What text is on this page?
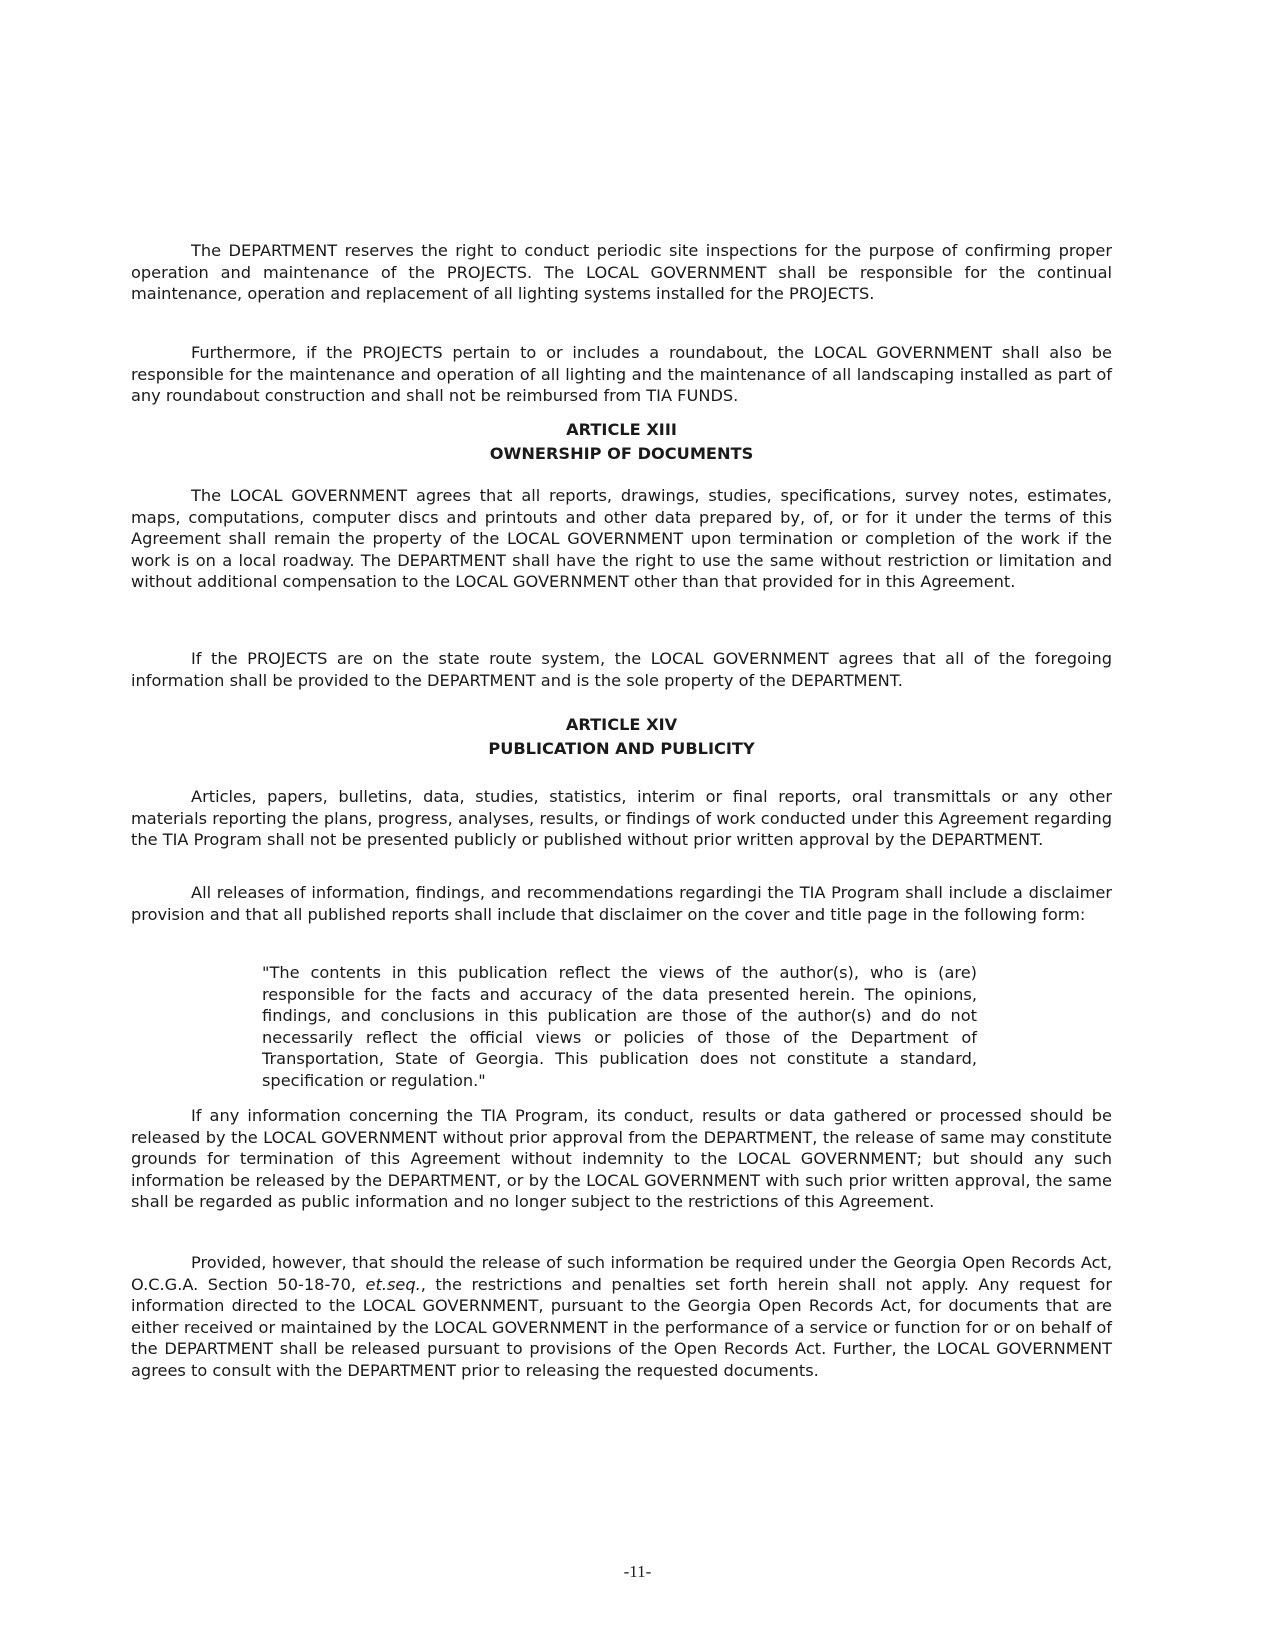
The DEPARTMENT reserves the right to conduct periodic site inspections for the purpose of confirming proper operation and maintenance of the PROJECTS. The LOCAL GOVERNMENT shall be responsible for the continual maintenance, operation and replacement of all lighting systems installed for the PROJECTS.

Furthermore, if the PROJECTS pertain to or includes a roundabout, the LOCAL GOVERNMENT shall also be responsible for the maintenance and operation of all lighting and the maintenance of all landscaping installed as part of any roundabout construction and shall not be reimbursed from TIA FUNDS.

ARTICLE XIII
OWNERSHIP OF DOCUMENTS

The LOCAL GOVERNMENT agrees that all reports, drawings, studies, specifications, survey notes, estimates, maps, computations, computer discs and printouts and other data prepared by, of, or for it under the terms of this Agreement shall remain the property of the LOCAL GOVERNMENT upon termination or completion of the work if the work is on a local roadway. The DEPARTMENT shall have the right to use the same without restriction or limitation and without additional compensation to the LOCAL GOVERNMENT other than that provided for in this Agreement.

If the PROJECTS are on the state route system, the LOCAL GOVERNMENT agrees that all of the foregoing information shall be provided to the DEPARTMENT and is the sole property of the DEPARTMENT.

ARTICLE XIV
PUBLICATION AND PUBLICITY

Articles, papers, bulletins, data, studies, statistics, interim or final reports, oral transmittals or any other materials reporting the plans, progress, analyses, results, or findings of work conducted under this Agreement regarding the TIA Program shall not be presented publicly or published without prior written approval by the DEPARTMENT.

All releases of information, findings, and recommendations regardingi the TIA Program shall include a disclaimer provision and that all published reports shall include that disclaimer on the cover and title page in the following form:

"The contents in this publication reflect the views of the author(s), who is (are) responsible for the facts and accuracy of the data presented herein. The opinions, findings, and conclusions in this publication are those of the author(s) and do not necessarily reflect the official views or policies of those of the Department of Transportation, State of Georgia. This publication does not constitute a standard, specification or regulation."

If any information concerning the TIA Program, its conduct, results or data gathered or processed should be released by the LOCAL GOVERNMENT without prior approval from the DEPARTMENT, the release of same may constitute grounds for termination of this Agreement without indemnity to the LOCAL GOVERNMENT; but should any such information be released by the DEPARTMENT, or by the LOCAL GOVERNMENT with such prior written approval, the same shall be regarded as public information and no longer subject to the restrictions of this Agreement.

Provided, however, that should the release of such information be required under the Georgia Open Records Act, O.C.G.A. Section 50-18-70, et.seq., the restrictions and penalties set forth herein shall not apply. Any request for information directed to the LOCAL GOVERNMENT, pursuant to the Georgia Open Records Act, for documents that are either received or maintained by the LOCAL GOVERNMENT in the performance of a service or function for or on behalf of the DEPARTMENT shall be released pursuant to provisions of the Open Records Act. Further, the LOCAL GOVERNMENT agrees to consult with the DEPARTMENT prior to releasing the requested documents.

-11-
